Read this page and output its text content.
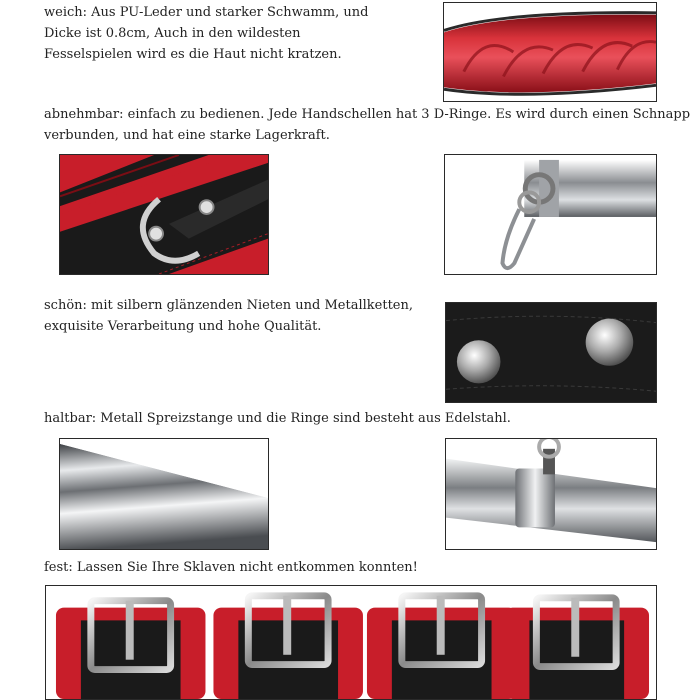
weich: Aus PU-Leder und starker Schwamm, und
Dicke ist 0.8cm, Auch in den wildesten
Fesselspielen wird es die Haut nicht kratzen.
abnehmbar: einfach zu bedienen. Jede Handschellen hat 3 D-Ringe. Es wird durch einen Schnapp
verbunden, und hat eine starke Lagerkraft.
schön: mit silbern glänzenden Nieten und Metallketten,
exquisite Verarbeitung und hohe Qualität.
haltbar: Metall Spreizstange und die Ringe sind besteht aus Edelstahl.
fest: Lassen Sie Ihre Sklaven nicht entkommen konnten!
